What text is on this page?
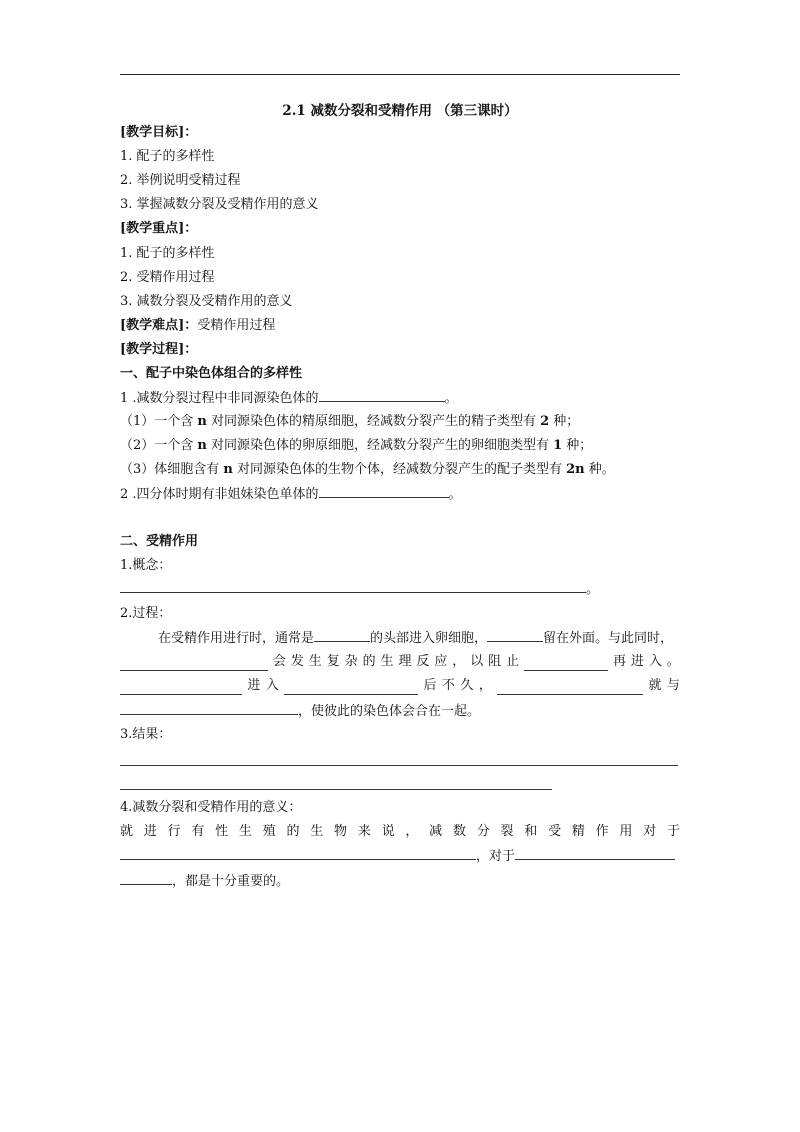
2.1 减数分裂和受精作用 （第三课时）
[教学目标]：
1. 配子的多样性
2. 举例说明受精过程
3. 掌握减数分裂及受精作用的意义
[教学重点]：
1. 配子的多样性
2. 受精作用过程
3. 减数分裂及受精作用的意义
[教学难点]：受精作用过程
[教学过程]：
一、配子中染色体组合的多样性
1 .减数分裂过程中非同源染色体的	。
（1）一个含 n 对同源染色体的精原细胞，经减数分裂产生的精子类型有 2 种；
（2）一个含 n 对同源染色体的卵原细胞，经减数分裂产生的卵细胞类型有 1 种；
（3）体细胞含有 n 对同源染色体的生物个体，经减数分裂产生的配子类型有 2n 种。
2 .四分体时期有非姐妹染色单体的	。
二、受精作用
1.概念：
。
2.过程：
在受精作用进行时，通常是	的头部进入卵细胞，	留在外面。与此同时，
会 发 生 复 杂 的 生 理 反 应 ， 以 阻 止	再 进 入 。
进 入	后 不 久 ，	就 与
，使彼此的染色体会合在一起。
3.结果：
4.减数分裂和受精作用的意义：
就 进 行 有 性 生 殖 的 生 物 来 说 ， 减 数 分 裂 和 受 精 作 用 对 于
，对于
，都是十分重要的。
